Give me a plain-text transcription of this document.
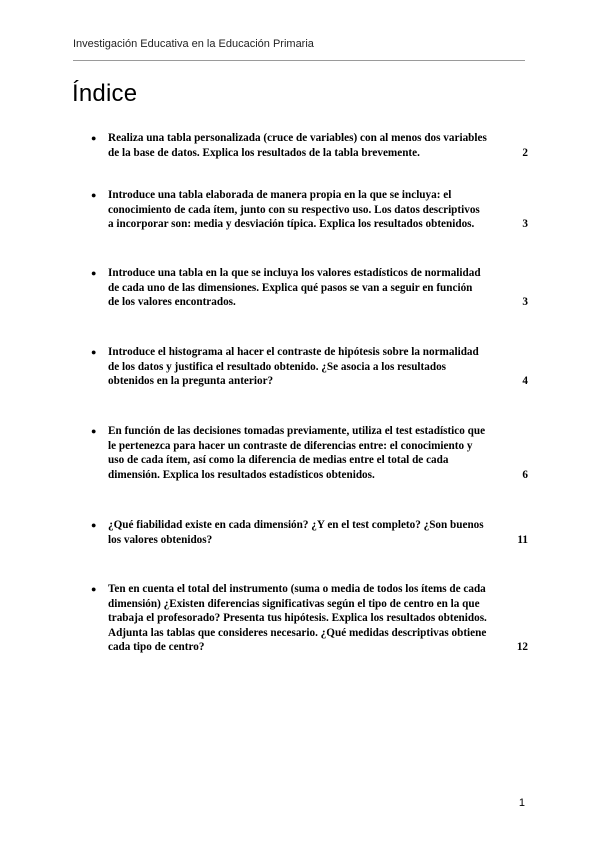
Investigación Educativa en la Educación Primaria
Índice
● Realiza una tabla personalizada (cruce de variables) con al menos dos variables
de la base de datos. Explica los resultados de la tabla brevemente.	2
● Introduce una tabla elaborada de manera propia en la que se incluya: el
conocimiento de cada ítem, junto con su respectivo uso. Los datos descriptivos
a incorporar son: media y desviación típica. Explica los resultados obtenidos.	3
● Introduce una tabla en la que se incluya los valores estadísticos de normalidad
de cada uno de las dimensiones. Explica qué pasos se van a seguir en función
de los valores encontrados.	3
● Introduce el histograma al hacer el contraste de hipótesis sobre la normalidad
de los datos y justifica el resultado obtenido. ¿Se asocia a los resultados
obtenidos en la pregunta anterior?	4
● En función de las decisiones tomadas previamente, utiliza el test estadístico que
le pertenezca para hacer un contraste de diferencias entre: el conocimiento y
uso de cada ítem, así como la diferencia de medias entre el total de cada
dimensión. Explica los resultados estadísticos obtenidos.	6
● ¿Qué fiabilidad existe en cada dimensión? ¿Y en el test completo? ¿Son buenos
los valores obtenidos?	11
● Ten en cuenta el total del instrumento (suma o media de todos los ítems de cada
dimensión) ¿Existen diferencias significativas según el tipo de centro en la que
trabaja el profesorado? Presenta tus hipótesis. Explica los resultados obtenidos.
Adjunta las tablas que consideres necesario. ¿Qué medidas descriptivas obtiene
cada tipo de centro?	12
1
